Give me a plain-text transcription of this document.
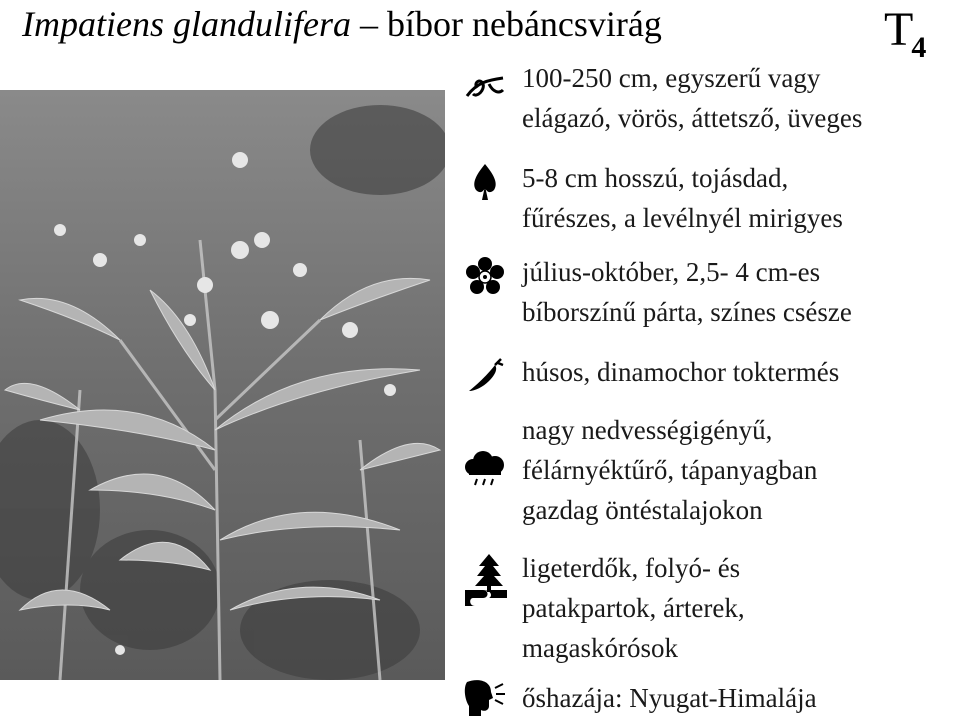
Impatiens glandulifera – bíbor nebáncsvirág	$T_4$
100-250 cm, egyszerű vagy
elágazó, vörös, áttetsző, üveges
5-8 cm hosszú, tojásdad,
fűrészes, a levélnyél mirigyes
július-október, 2,5- 4 cm-es
bíborszínű párta, színes csésze
húsos, dinamochor toktermés
nagy nedvességigényű,
félárnyéktűrő, tápanyagban
gazdag öntéstalajokon
ligeterdők, folyó- és
patakpartok, árterek,
magaskórósok
őshazája: Nyugat-Himalája
